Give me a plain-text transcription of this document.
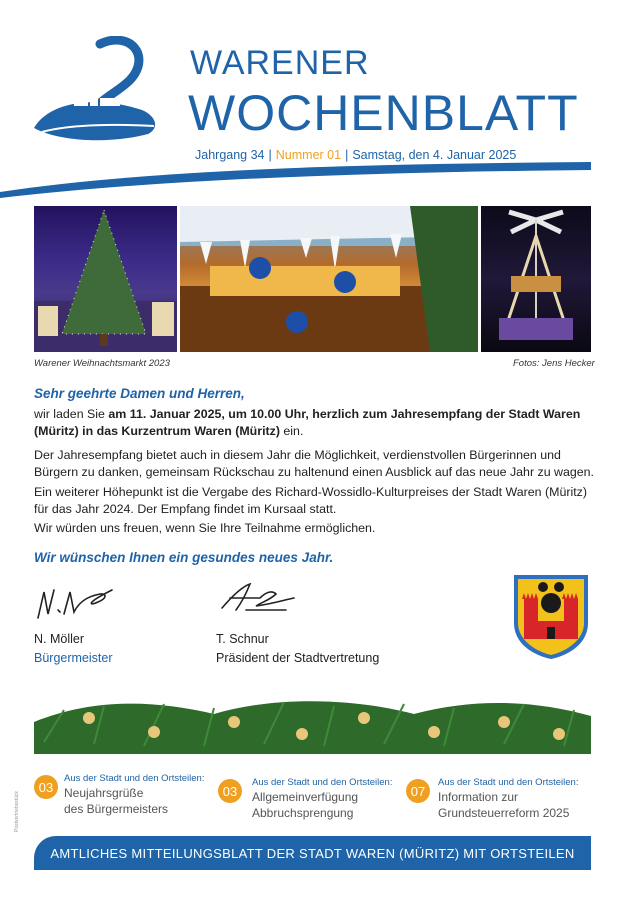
WARENER
WOCHENBLATT
Jahrgang 34 | Nummer 01 | Samstag, den 4. Januar 2025
Warener Weihnachtsmarkt 2023	Fotos: Jens Hecker
Sehr geehrte Damen und Herren,
wir laden Sie am 11. Januar 2025, um 10.00 Uhr, herzlich zum Jahresempfang der Stadt Waren (Müritz) in das Kurzentrum Waren (Müritz) ein.
Der Jahresempfang bietet auch in diesem Jahr die Möglichkeit, verdienstvollen Bürgerinnen und Bürgern zu danken, gemeinsam Rückschau zu haltenund einen Ausblick auf das neue Jahr zu wagen.
Ein weiterer Höhepunkt ist die Vergabe des Richard-Wossidlo-Kulturpreises der Stadt Waren (Müritz) für das Jahr 2024. Der Empfang findet im Kursaal statt.
Wir würden uns freuen, wenn Sie Ihre Teilnahme ermöglichen.
Wir wünschen Ihnen ein gesundes neues Jahr.
N. Möller
Bürgermeister
T. Schnur
Präsident der Stadtvertretung
03
Aus der Stadt und den Ortsteilen:
Neujahrsgrüße
des Bürgermeisters
03
Aus der Stadt und den Ortsteilen:
Allgemeinverfügung
Abbruchsprengung
07
Aus der Stadt und den Ortsteilen:
Information zur
Grundsteuerreform 2025
Postvertriebsstück
AMTLICHES MITTEILUNGSBLATT DER STADT WAREN (MÜRITZ) MIT ORTSTEILEN
